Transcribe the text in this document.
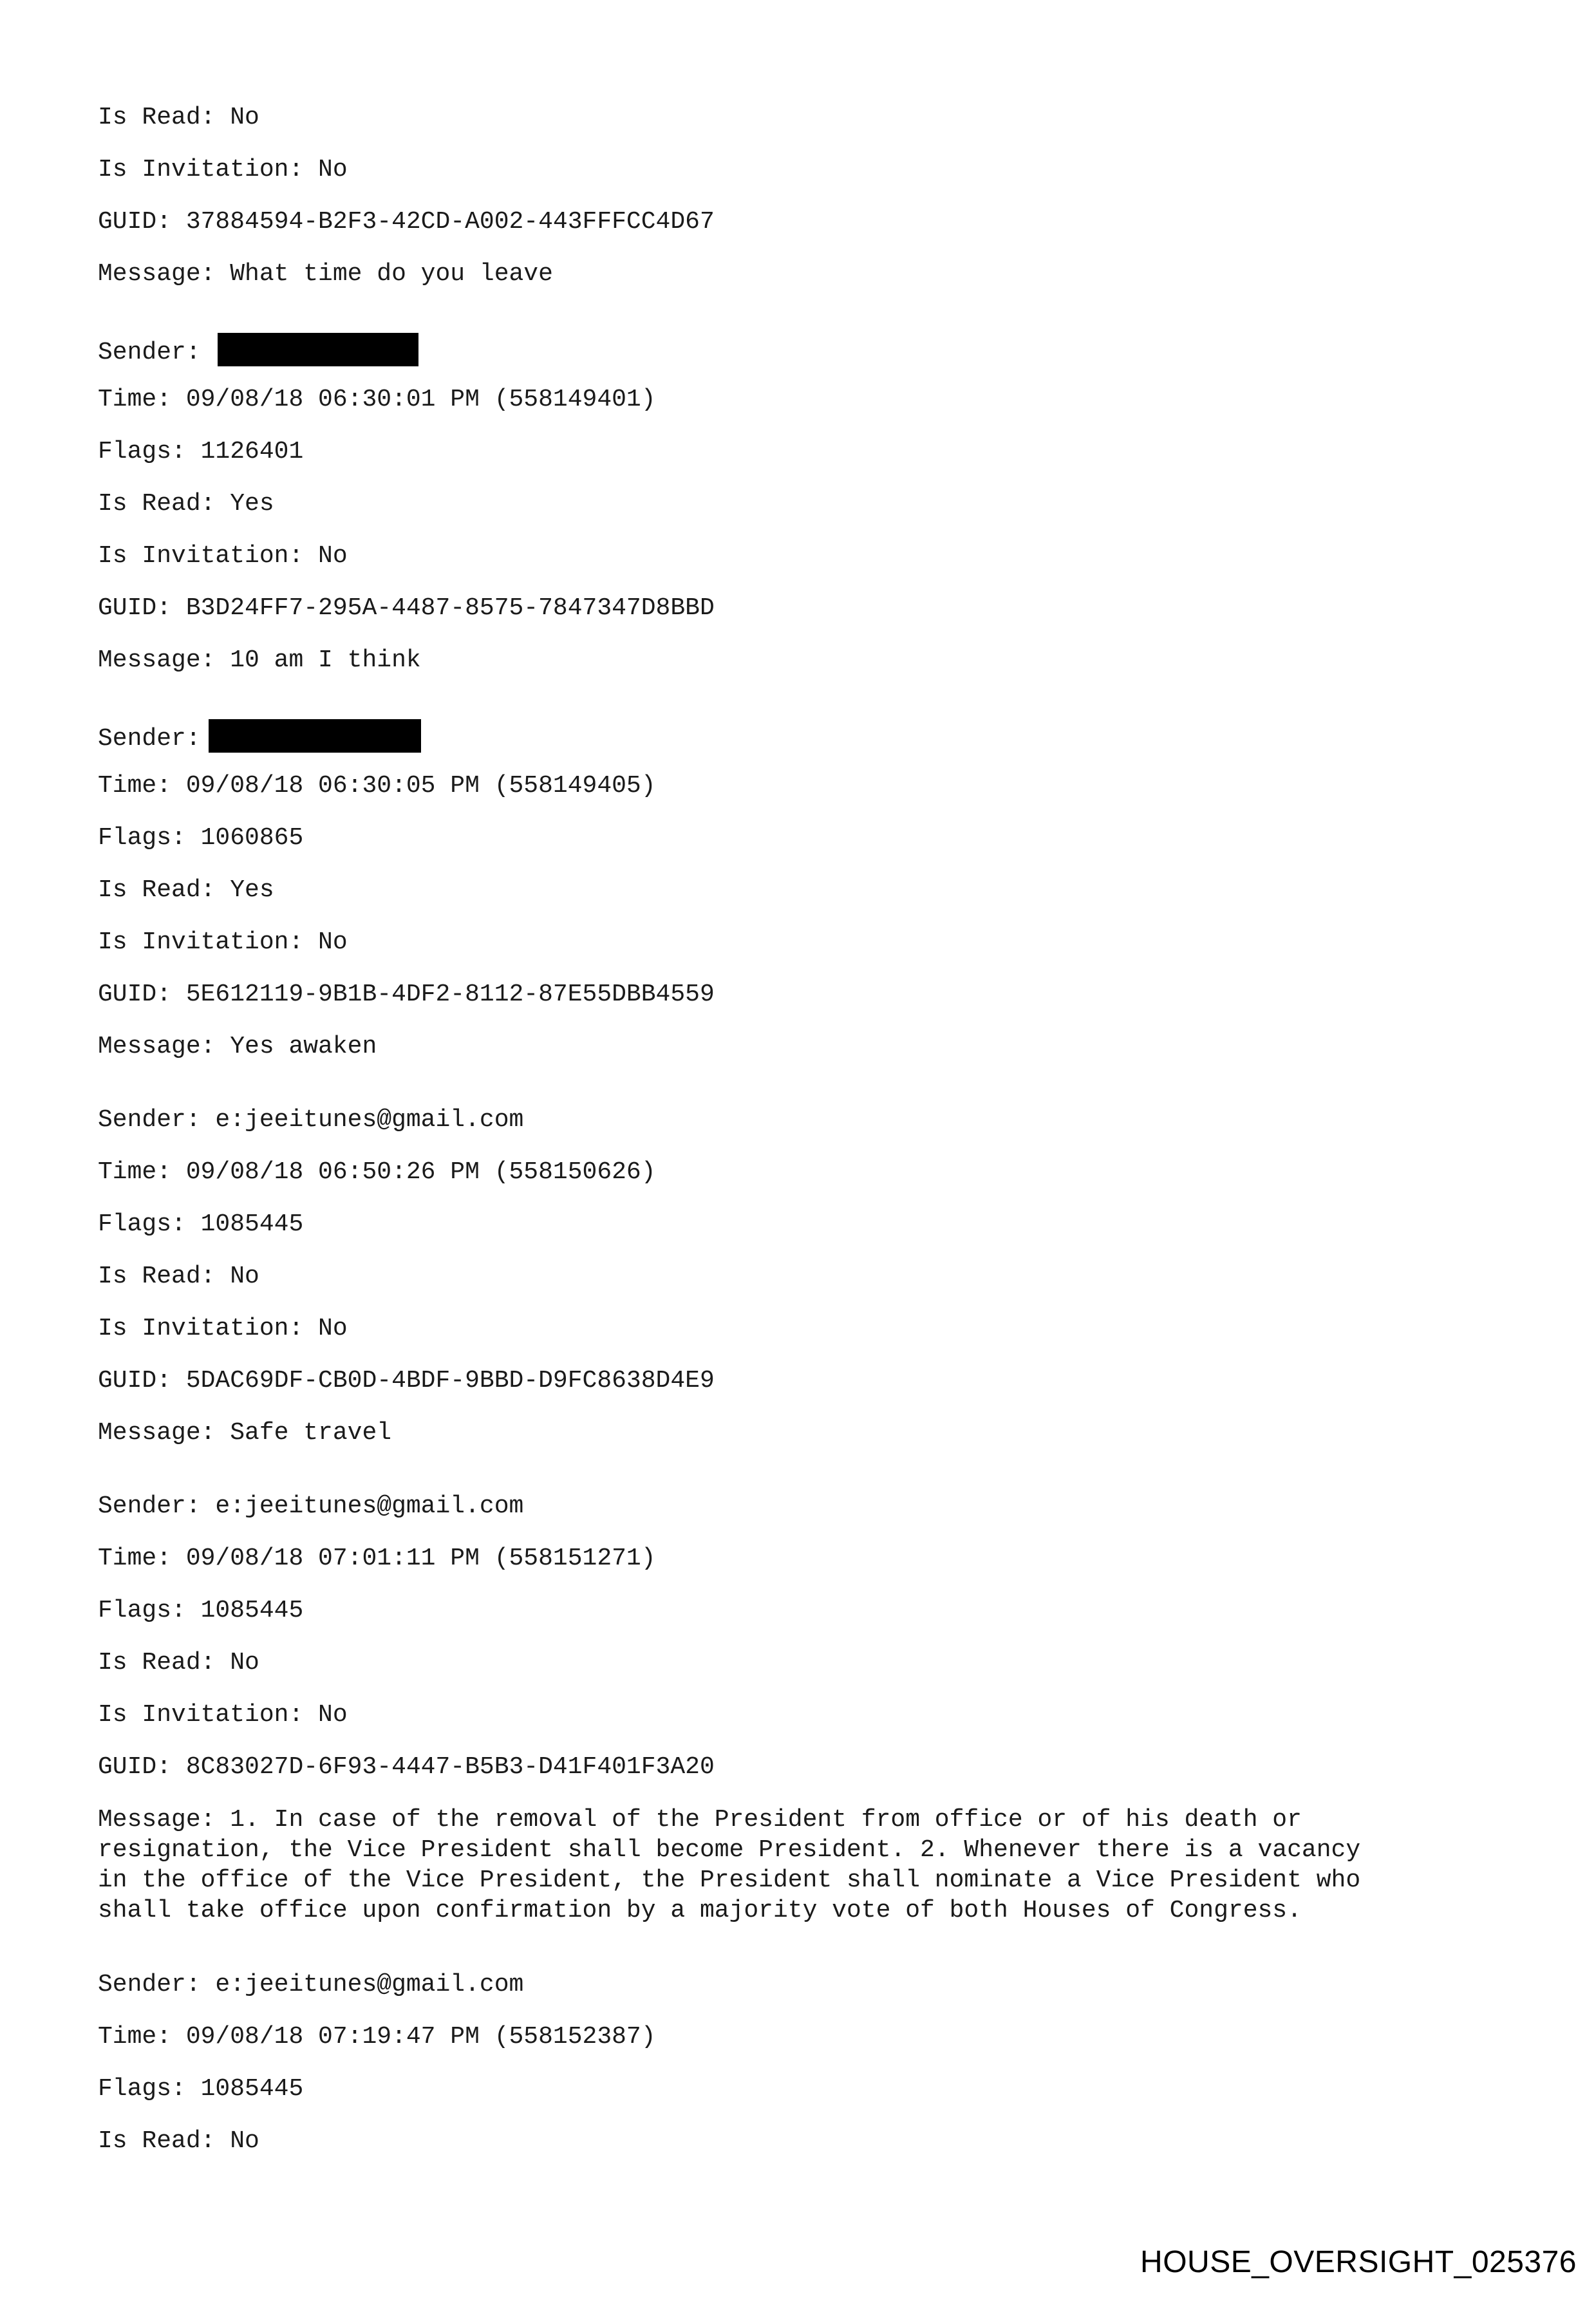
Is Read: No
Is Invitation: No
GUID: 37884594-B2F3-42CD-A002-443FFFCC4D67
Message: What time do you leave
Sender:
Time: 09/08/18 06:30:01 PM (558149401)
Flags: 1126401
Is Read: Yes
Is Invitation: No
GUID: B3D24FF7-295A-4487-8575-7847347D8BBD
Message: 10 am I think
Sender:
Time: 09/08/18 06:30:05 PM (558149405)
Flags: 1060865
Is Read: Yes
Is Invitation: No
GUID: 5E612119-9B1B-4DF2-8112-87E55DBB4559
Message: Yes awaken
Sender: e:jeeitunes@gmail.com
Time: 09/08/18 06:50:26 PM (558150626)
Flags: 1085445
Is Read: No
Is Invitation: No
GUID: 5DAC69DF-CB0D-4BDF-9BBD-D9FC8638D4E9
Message: Safe travel
Sender: e:jeeitunes@gmail.com
Time: 09/08/18 07:01:11 PM (558151271)
Flags: 1085445
Is Read: No
Is Invitation: No
GUID: 8C83027D-6F93-4447-B5B3-D41F401F3A20
Message: 1. In case of the removal of the President from office or of his death or
resignation, the Vice President shall become President. 2. Whenever there is a vacancy
in the office of the Vice President, the President shall nominate a Vice President who
shall take office upon confirmation by a majority vote of both Houses of Congress.
Sender: e:jeeitunes@gmail.com
Time: 09/08/18 07:19:47 PM (558152387)
Flags: 1085445
Is Read: No
HOUSE_OVERSIGHT_025376
